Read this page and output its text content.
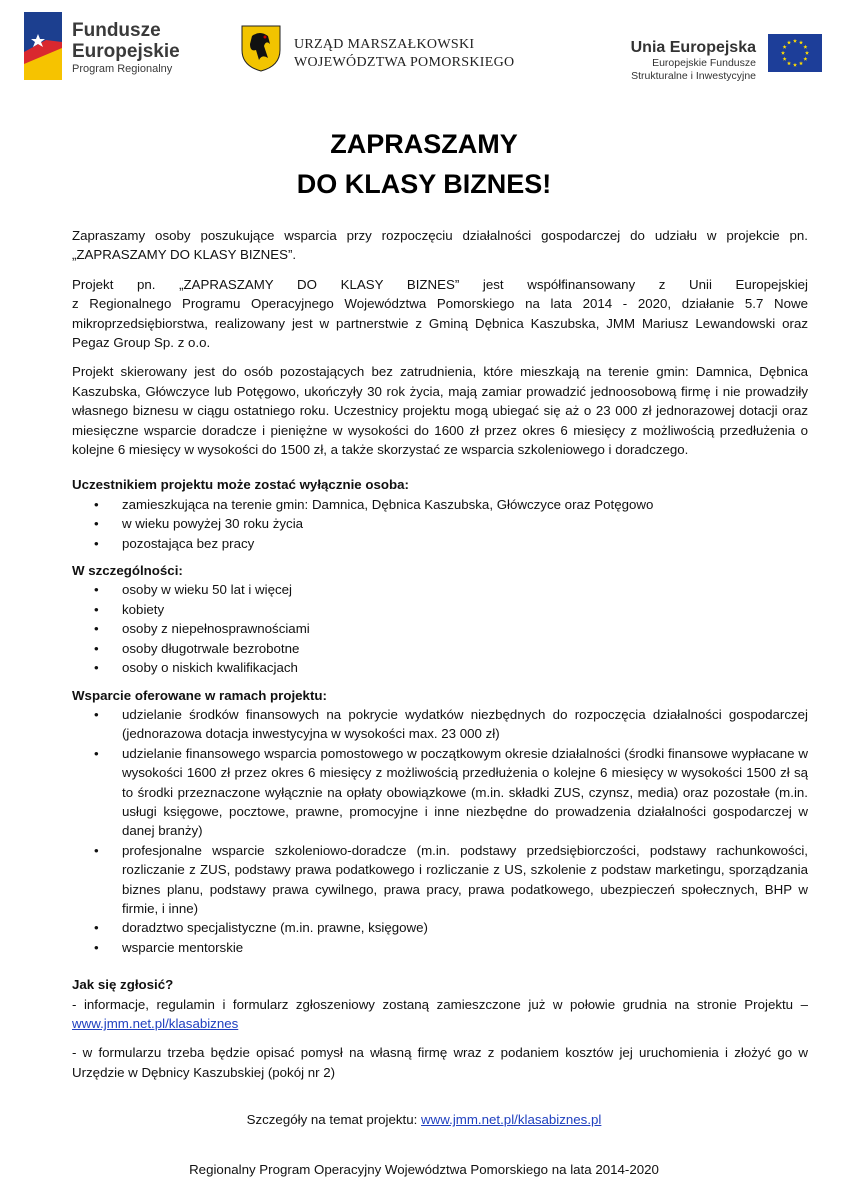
Fundusze
Europejskie
Program Regionalny
URZĄD MARSZAŁKOWSKI
WOJEWÓDZTWA POMORSKIEGO
Unia Europejska
Europejskie Fundusze
Strukturalne i Inwestycyjne
ZAPRASZAMY
DO KLASY BIZNES!

Zapraszamy osoby poszukujące wsparcia przy rozpoczęciu działalności gospodarczej do udziału w projekcie pn. „ZAPRASZAMY DO KLASY BIZNES”.

Projekt pn. „ZAPRASZAMY DO KLASY BIZNES” jest współfinansowany z Unii Europejskiej

z Regionalnego Programu Operacyjnego Województwa Pomorskiego na lata 2014 - 2020, działanie 5.7 Nowe mikroprzedsiębiorstwa, realizowany jest w partnerstwie z Gminą Dębnica Kaszubska, JMM Mariusz Lewandowski oraz Pegaz Group Sp. z o.o.

Projekt skierowany jest do osób pozostających bez zatrudnienia, które mieszkają na terenie gmin: Damnica, Dębnica Kaszubska, Główczyce lub Potęgowo, ukończyły 30 rok życia, mają zamiar prowadzić jednoosobową firmę i nie prowadziły własnego biznesu w ciągu ostatniego roku. Uczestnicy projektu mogą ubiegać się aż o 23 000 zł jednorazowej dotacji oraz miesięczne wsparcie doradcze i pieniężne w wysokości do 1600 zł przez okres 6 miesięcy z możliwością przedłużenia o kolejne 6 miesięcy w wysokości do 1500 zł, a także skorzystać ze wsparcia szkoleniowego i doradczego.

Uczestnikiem projektu może zostać wyłącznie osoba:
• zamieszkująca na terenie gmin: Damnica, Dębnica Kaszubska, Główczyce oraz Potęgowo
• w wieku powyżej 30 roku życia
• pozostająca bez pracy
W szczególności:
• osoby w wieku 50 lat i więcej
• kobiety
• osoby z niepełnosprawnościami
• osoby długotrwale bezrobotne
• osoby o niskich kwalifikacjach
Wsparcie oferowane w ramach projektu:
• udzielanie środków finansowych na pokrycie wydatków niezbędnych do rozpoczęcia działalności gospodarczej (jednorazowa dotacja inwestycyjna w wysokości max. 23 000 zł)
• udzielanie finansowego wsparcia pomostowego w początkowym okresie działalności (środki finansowe wypłacane w wysokości 1600 zł przez okres 6 miesięcy z możliwością przedłużenia o kolejne 6 miesięcy w wysokości 1500 zł są to środki przeznaczone wyłącznie na opłaty obowiązkowe (m.in. składki ZUS, czynsz, media) oraz pozostałe (m.in. usługi księgowe, pocztowe, prawne, promocyjne i inne niezbędne do prowadzenia działalności gospodarczej w danej branży)
• profesjonalne wsparcie szkoleniowo-doradcze (m.in. podstawy przedsiębiorczości, podstawy rachunkowości, rozliczanie z ZUS, podstawy prawa podatkowego i rozliczanie z US, szkolenie z podstaw marketingu, sporządzania biznes planu, podstawy prawa cywilnego, prawa pracy, prawa podatkowego, ubezpieczeń społecznych, BHP w firmie, i inne)
• doradztwo specjalistyczne (m.in. prawne, księgowe)
• wsparcie mentorskie
Jak się zgłosić?

- informacje, regulamin i formularz zgłoszeniowy zostaną zamieszczone już w połowie grudnia na stronie Projektu – www.jmm.net.pl/klasabiznes

- w formularzu trzeba będzie opisać pomysł na własną firmę wraz z podaniem kosztów jej uruchomienia i złożyć go w Urzędzie w Dębnicy Kaszubskiej (pokój nr 2)

Szczegóły na temat projektu: www.jmm.net.pl/klasabiznes.pl
Regionalny Program Operacyjny Województwa Pomorskiego na lata 2014-2020
